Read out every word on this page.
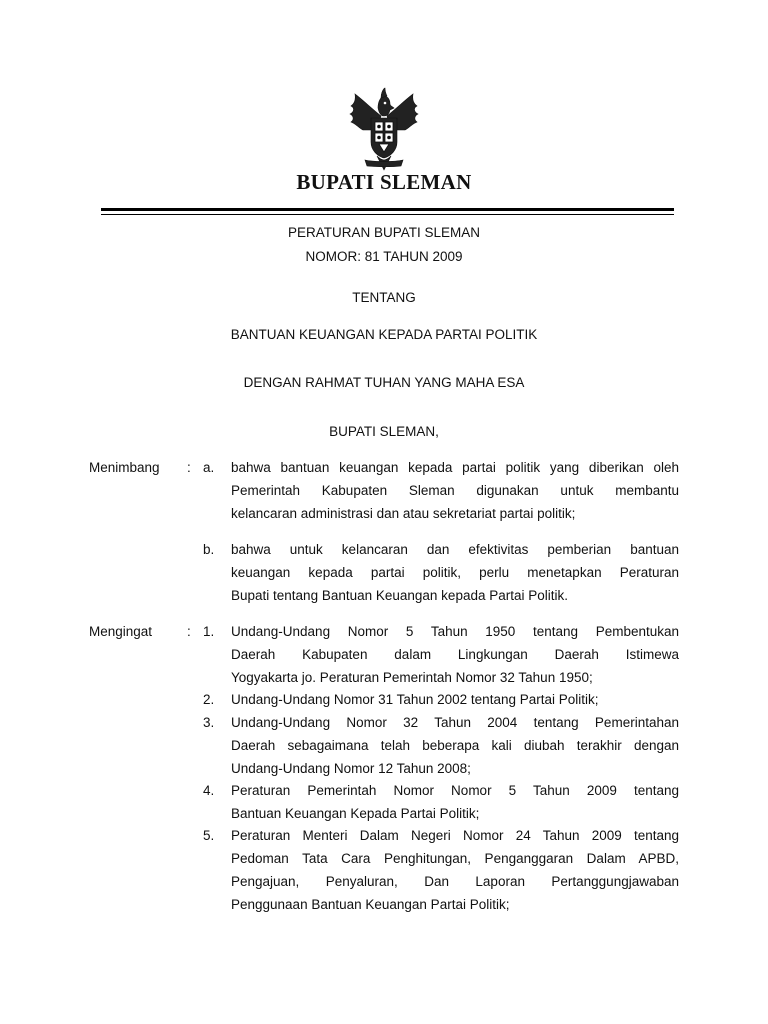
BUPATI SLEMAN
PERATURAN BUPATI SLEMAN
NOMOR: 81 TAHUN 2009
TENTANG
BANTUAN KEUANGAN KEPADA PARTAI POLITIK
DENGAN RAHMAT TUHAN YANG MAHA ESA
BUPATI SLEMAN,
Menimbang : a. bahwa bantuan keuangan kepada partai politik yang diberikan oleh
Pemerintah Kabupaten Sleman digunakan untuk membantu
kelancaran administrasi dan atau sekretariat partai politik;
b. bahwa untuk kelancaran dan efektivitas pemberian bantuan
keuangan kepada partai politik, perlu menetapkan Peraturan
Bupati tentang Bantuan Keuangan kepada Partai Politik.
Mengingat	: 1. Undang-Undang Nomor 5 Tahun 1950 tentang Pembentukan
Daerah Kabupaten dalam Lingkungan Daerah Istimewa
Yogyakarta jo. Peraturan Pemerintah Nomor 32 Tahun 1950;
2. Undang-Undang Nomor 31 Tahun 2002 tentang Partai Politik;
3. Undang-Undang Nomor 32 Tahun 2004 tentang Pemerintahan
Daerah sebagaimana telah beberapa kali diubah terakhir dengan
Undang-Undang Nomor 12 Tahun 2008;
4. Peraturan Pemerintah Nomor Nomor 5 Tahun 2009 tentang
Bantuan Keuangan Kepada Partai Politik;
5. Peraturan Menteri Dalam Negeri Nomor 24 Tahun 2009 tentang
Pedoman Tata Cara Penghitungan, Penganggaran Dalam APBD,
Pengajuan, Penyaluran, Dan Laporan Pertanggungjawaban
Penggunaan Bantuan Keuangan Partai Politik;
